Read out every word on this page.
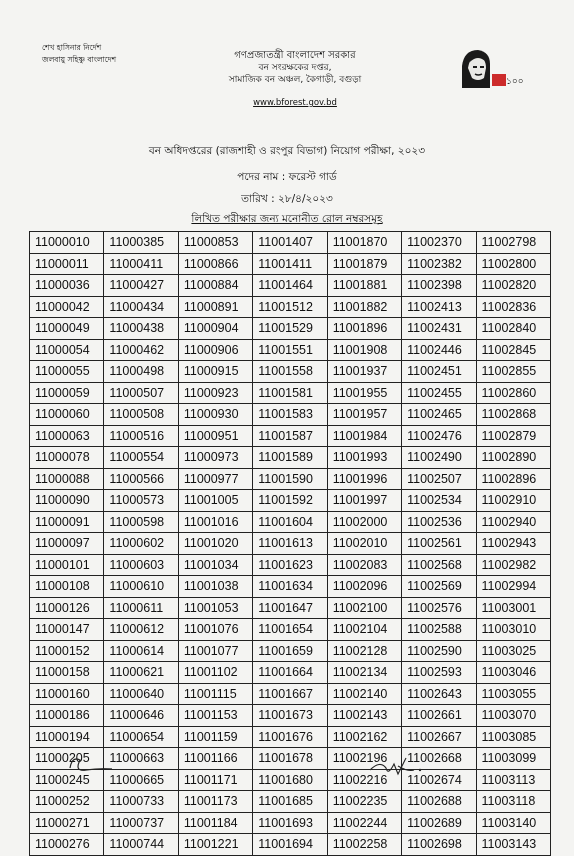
শেখ হাসিনার নির্দেশ
জলবায়ু সহিষ্ণু বাংলাদেশ	গণপ্রজাতন্ত্রী বাংলাদেশ সরকার
বন সংরক্ষকের দপ্তর,
সামাজিক বন অঞ্চল, কৈগাড়ী, বগুড়া
www.bforest.gov.bd
১০০
বন অধিদপ্তরের (রাজশাহী ও রংপুর বিভাগ) নিয়োগ পরীক্ষা, ২০২৩
পদের নাম : ফরেস্ট গার্ড
তারিখ : ২৮/৪/২০২৩
লিখিত পরীক্ষার জন্য মনোনীত রোল নম্বরসমূহ
11000010	11000385	11000853	11001407	11001870	11002370	11002798
11000011	11000411	11000866	11001411	11001879	11002382	11002800
11000036	11000427	11000884	11001464	11001881	11002398	11002820
11000042	11000434	11000891	11001512	11001882	11002413	11002836
11000049	11000438	11000904	11001529	11001896	11002431	11002840
11000054	11000462	11000906	11001551	11001908	11002446	11002845
11000055	11000498	11000915	11001558	11001937	11002451	11002855
11000059	11000507	11000923	11001581	11001955	11002455	11002860
11000060	11000508	11000930	11001583	11001957	11002465	11002868
11000063	11000516	11000951	11001587	11001984	11002476	11002879
11000078	11000554	11000973	11001589	11001993	11002490	11002890
11000088	11000566	11000977	11001590	11001996	11002507	11002896
11000090	11000573	11001005	11001592	11001997	11002534	11002910
11000091	11000598	11001016	11001604	11002000	11002536	11002940
11000097	11000602	11001020	11001613	11002010	11002561	11002943
11000101	11000603	11001034	11001623	11002083	11002568	11002982
11000108	11000610	11001038	11001634	11002096	11002569	11002994
11000126	11000611	11001053	11001647	11002100	11002576	11003001
11000147	11000612	11001076	11001654	11002104	11002588	11003010
11000152	11000614	11001077	11001659	11002128	11002590	11003025
11000158	11000621	11001102	11001664	11002134	11002593	11003046
11000160	11000640	11001115	11001667	11002140	11002643	11003055
11000186	11000646	11001153	11001673	11002143	11002661	11003070
11000194	11000654	11001159	11001676	11002162	11002667	11003085
11000205	11000663	11001166	11001678	11002196	11002668	11003099
11000245	11000665	11001171	11001680	11002216	11002674	11003113
11000252	11000733	11001173	11001685	11002235	11002688	11003118
11000271	11000737	11001184	11001693	11002244	11002689	11003140
11000276	11000744	11001221	11001694	11002258	11002698	11003143
